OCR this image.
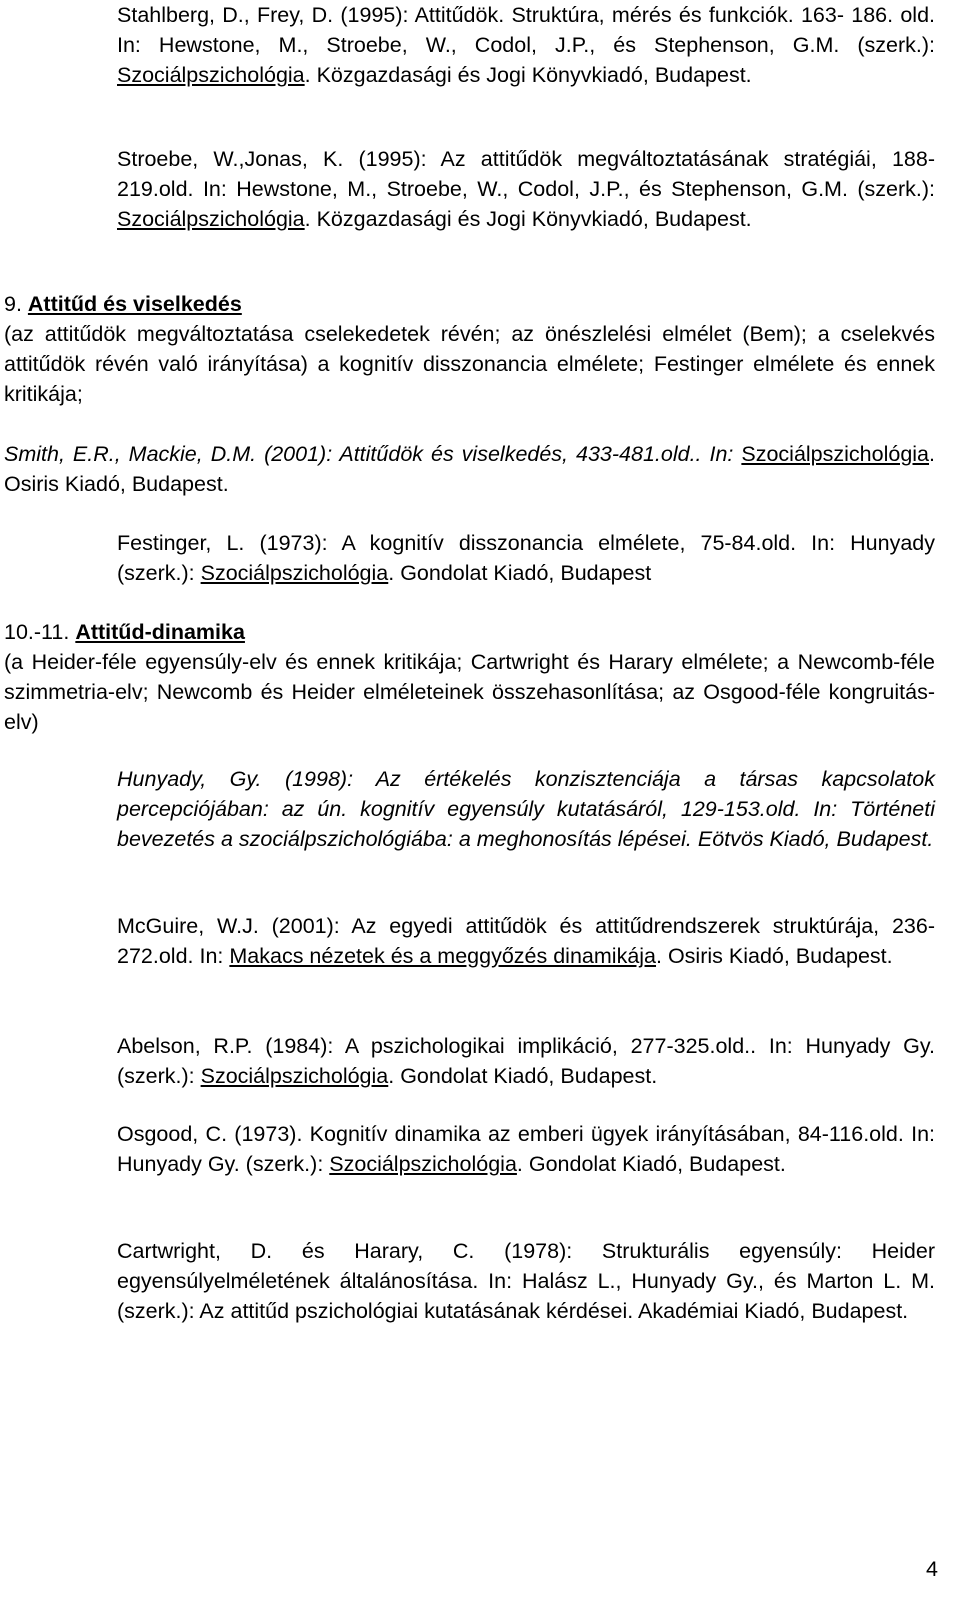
Stahlberg, D., Frey, D. (1995): Attitűdök. Struktúra, mérés és funkciók. 163- 186. old. In: Hewstone, M., Stroebe, W., Codol, J.P., és Stephenson, G.M. (szerk.): Szociálpszichológia. Közgazdasági és Jogi Könyvkiadó, Budapest.
Stroebe, W.,Jonas, K. (1995): Az attitűdök megváltoztatásának stratégiái, 188-219.old. In: Hewstone, M., Stroebe, W., Codol, J.P., és Stephenson, G.M. (szerk.): Szociálpszichológia. Közgazdasági és Jogi Könyvkiadó, Budapest.
9. Attitűd és viselkedés
(az attitűdök megváltoztatása cselekedetek révén; az önészlelési elmélet (Bem); a cselekvés attitűdök révén való irányítása) a kognitív disszonancia elmélete; Festinger elmélete és ennek kritikája;
Smith, E.R., Mackie, D.M. (2001): Attitűdök és viselkedés, 433-481.old.. In: Szociálpszichológia. Osiris Kiadó, Budapest.
Festinger, L. (1973): A kognitív disszonancia elmélete, 75-84.old. In: Hunyady (szerk.): Szociálpszichológia. Gondolat Kiadó, Budapest
10.-11. Attitűd-dinamika
(a Heider-féle egyensúly-elv és ennek kritikája; Cartwright és Harary elmélete; a Newcomb-féle szimmetria-elv; Newcomb és Heider elméleteinek összehasonlítása; az Osgood-féle kongruitás-elv)
Hunyady, Gy. (1998): Az értékelés konzisztenciája a társas kapcsolatok percepciójában: az ún. kognitív egyensúly kutatásáról, 129-153.old. In: Történeti bevezetés a szociálpszichológiába: a meghonosítás lépései. Eötvös Kiadó, Budapest.
McGuire, W.J. (2001): Az egyedi attitűdök és attitűdrendszerek struktúrája, 236-272.old. In: Makacs nézetek és a meggyőzés dinamikája. Osiris Kiadó, Budapest.
Abelson, R.P. (1984): A pszichologikai implikáció, 277-325.old.. In: Hunyady Gy. (szerk.): Szociálpszichológia. Gondolat Kiadó, Budapest.
Osgood, C. (1973). Kognitív dinamika az emberi ügyek irányításában, 84-116.old. In: Hunyady Gy. (szerk.): Szociálpszichológia. Gondolat Kiadó, Budapest.
Cartwright, D. és Harary, C. (1978): Strukturális egyensúly: Heider egyensúlyelméletének általánosítása. In: Halász L., Hunyady Gy., és Marton L. M. (szerk.): Az attitűd pszichológiai kutatásának kérdései. Akadémiai Kiadó, Budapest.
4
